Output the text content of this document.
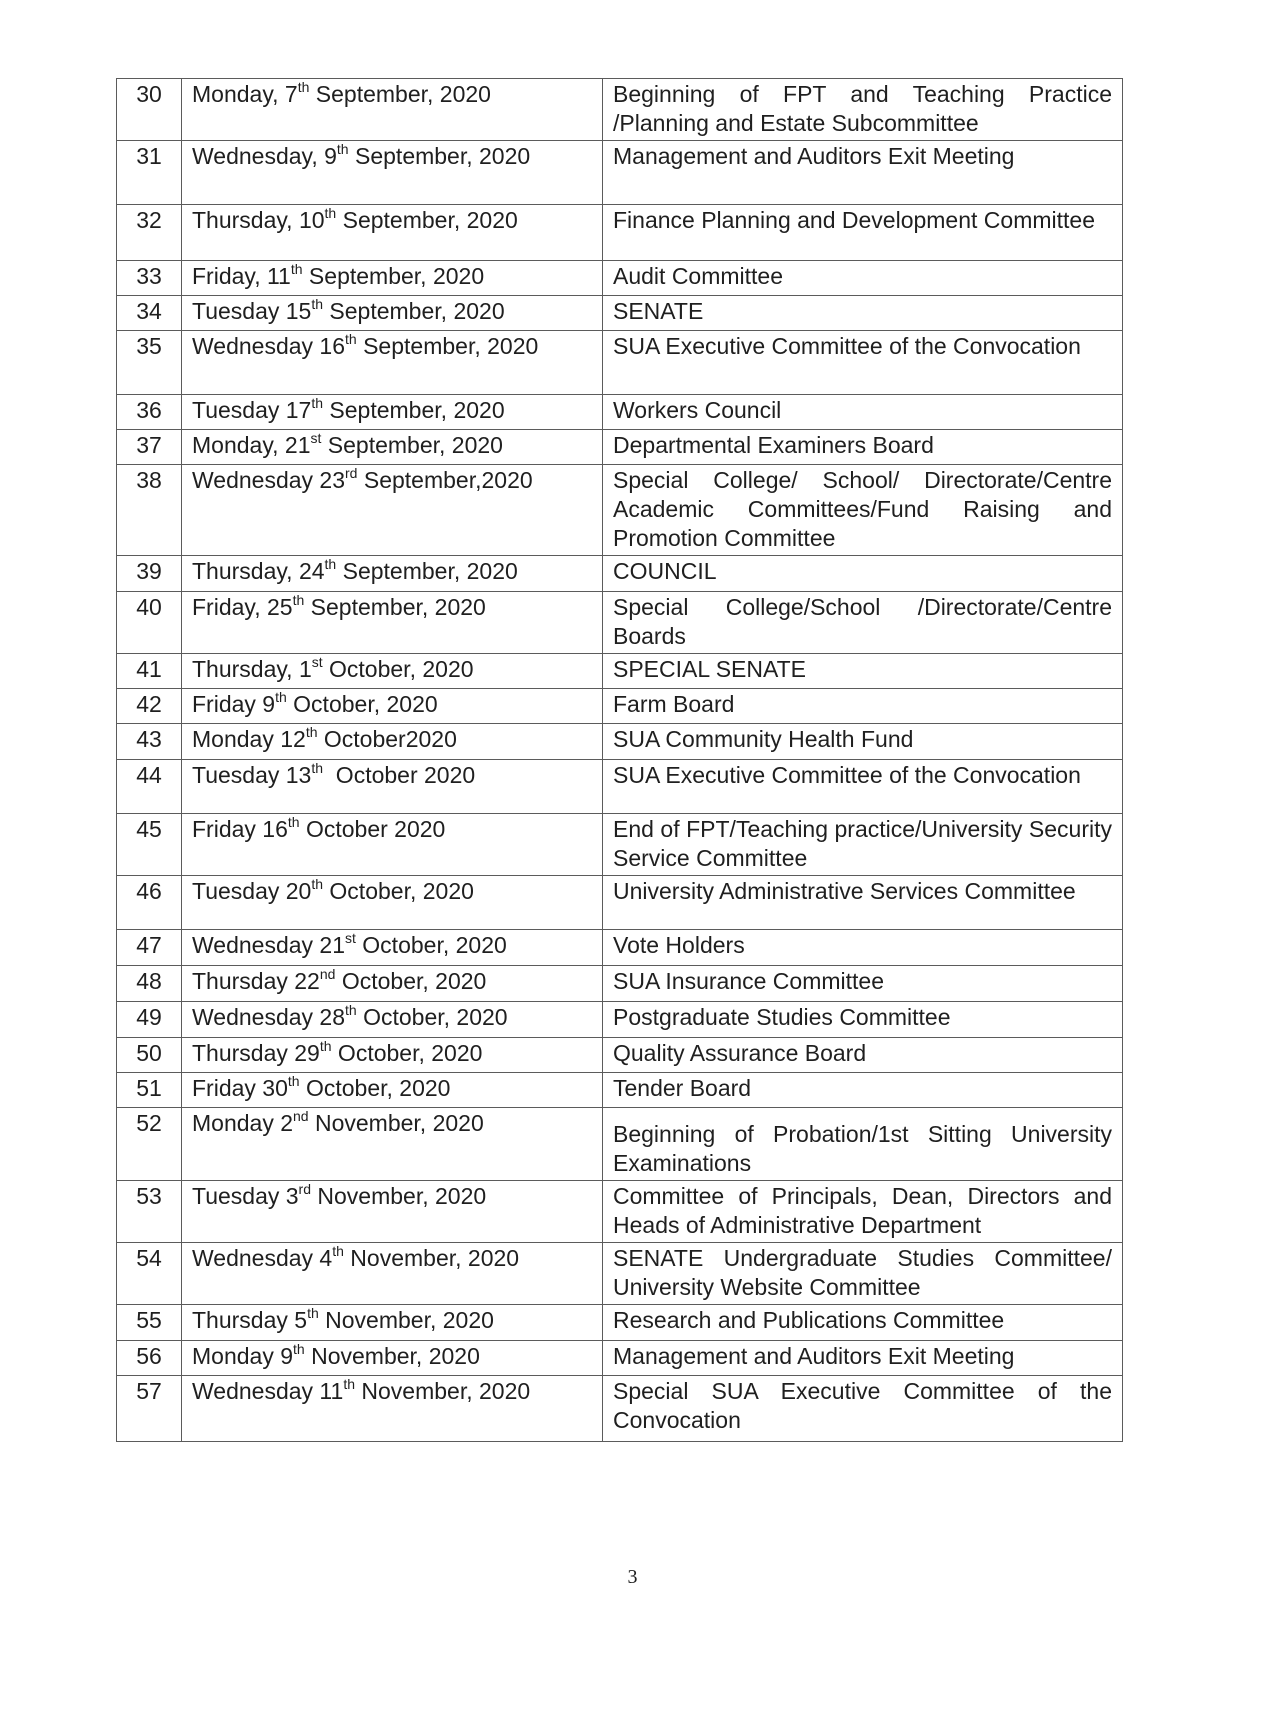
30	Monday, 7th September, 2020	Beginning of FPT and Teaching Practice /Planning and Estate Subcommittee
31	Wednesday, 9th September, 2020	Management and Auditors Exit Meeting
32	Thursday, 10th September, 2020	Finance Planning and Development Committee
33	Friday, 11th September, 2020	Audit Committee
34	Tuesday 15th September, 2020	SENATE
35	Wednesday 16th September, 2020	SUA Executive Committee of the Convocation
36	Tuesday 17th September, 2020	Workers Council
37	Monday, 21st September, 2020	Departmental Examiners Board
38	Wednesday 23rd September,2020	Special College/ School/ Directorate/Centre Academic Committees/Fund Raising and Promotion Committee
39	Thursday, 24th September, 2020	COUNCIL
40	Friday, 25th September, 2020	Special College/School /Directorate/Centre Boards
41	Thursday, 1st October, 2020	SPECIAL SENATE
42	Friday 9th October, 2020	Farm Board
43	Monday 12th October2020	SUA Community Health Fund
44	Tuesday 13th  October 2020	SUA Executive Committee of the Convocation
45	Friday 16th October 2020	End of FPT/Teaching practice/University Security Service Committee
46	Tuesday 20th October, 2020	University Administrative Services Committee
47	Wednesday 21st October, 2020	Vote Holders
48	Thursday 22nd October, 2020	SUA Insurance Committee
49	Wednesday 28th October, 2020	Postgraduate Studies Committee
50	Thursday 29th October, 2020	Quality Assurance Board
51	Friday 30th October, 2020	Tender Board
52	Monday 2nd November, 2020	Beginning of Probation/1st Sitting University Examinations
53	Tuesday 3rd November, 2020	Committee of Principals, Dean, Directors and Heads of Administrative Department
54	Wednesday 4th November, 2020	SENATE Undergraduate Studies Committee/ University Website Committee
55	Thursday 5th November, 2020	Research and Publications Committee
56	Monday 9th November, 2020	Management and Auditors Exit Meeting
57	Wednesday 11th November, 2020	Special SUA Executive Committee of the Convocation
3
